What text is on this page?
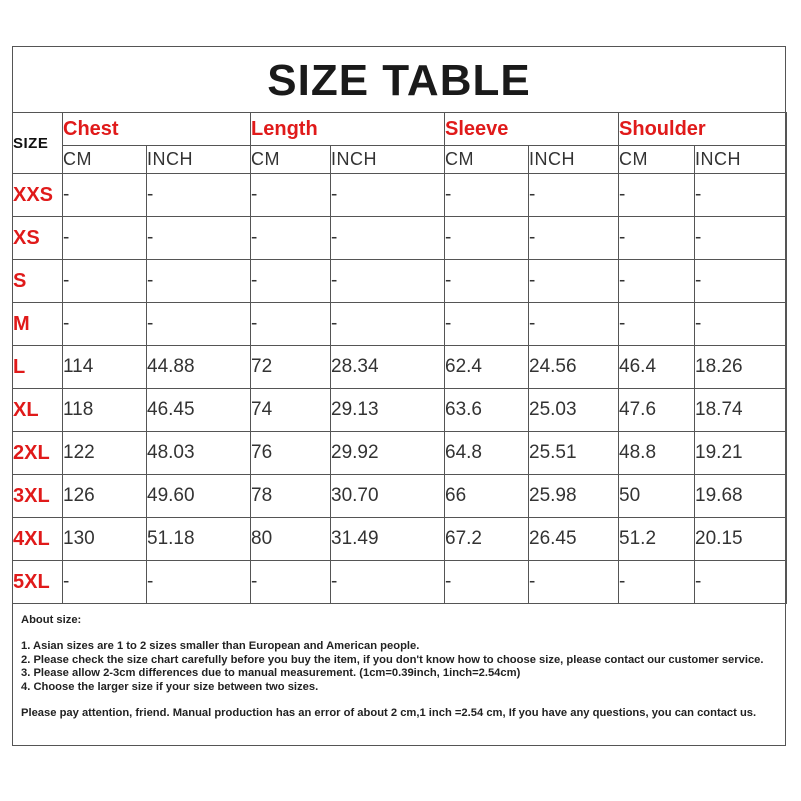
SIZE TABLE
SIZE	Chest		Length		Sleeve		Shoulder	
	CM	INCH	CM	INCH	CM	INCH	CM	INCH
XXS	-	-	-	-	-	-	-	-
XS	-	-	-	-	-	-	-	-
S	-	-	-	-	-	-	-	-
M	-	-	-	-	-	-	-	-
L	114	44.88	72	28.34	62.4	24.56	46.4	18.26
XL	118	46.45	74	29.13	63.6	25.03	47.6	18.74
2XL	122	48.03	76	29.92	64.8	25.51	48.8	19.21
3XL	126	49.60	78	30.70	66	25.98	50	19.68
4XL	130	51.18	80	31.49	67.2	26.45	51.2	20.15
5XL	-	-	-	-	-	-	-	-

About size:

1. Asian sizes are 1 to 2 sizes smaller than European and American people.

2. Please check the size chart carefully before you buy the item, if you don't know how to choose size, please contact our customer service.

3. Please allow 2-3cm differences due to manual measurement. (1cm=0.39inch, 1inch=2.54cm)

4. Choose the larger size if your size between two sizes.

Please pay attention, friend. Manual production has an error of about 2 cm,1 inch =2.54 cm, If you have any questions, you can contact us.
